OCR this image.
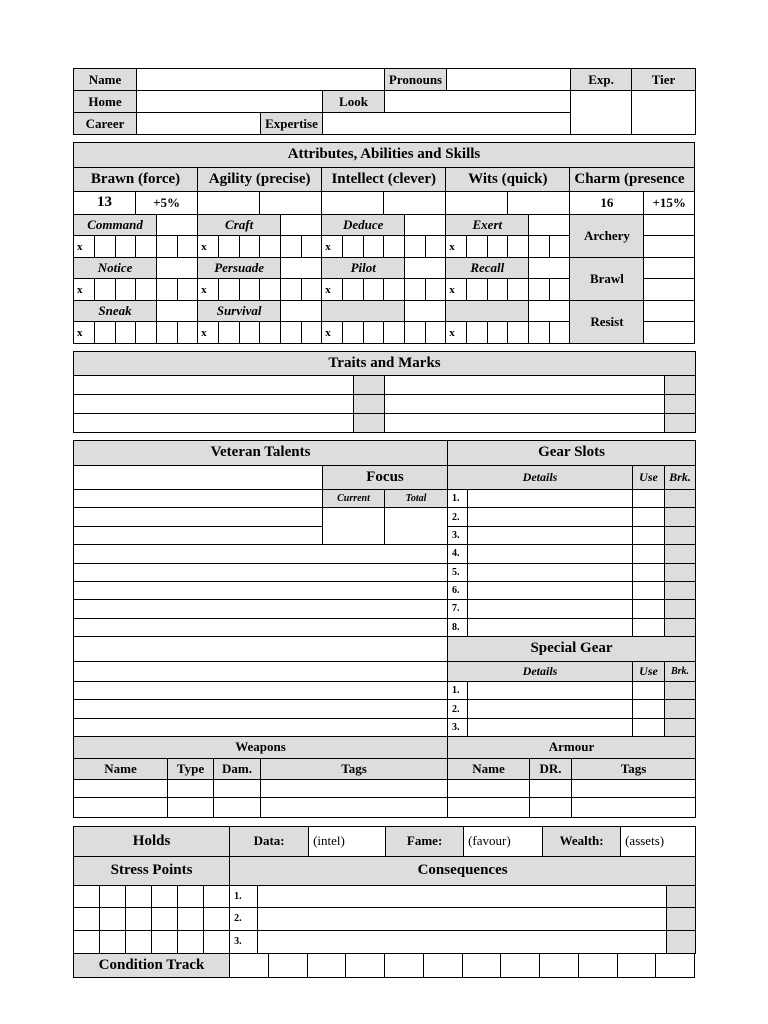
Name				Pronouns		Exp.	Tier
Home			Look				
Career		Expertise					
Attributes, Abilities and Skills																									
Brawn (force)						Agility (precise)						Intellect (clever)						Wits (quick)						Charm (presence	
13			+5%																					16	+15%
Command						Craft						Deduce						Exert						Archery	
x						x						x						x							
Notice						Persuade						Pilot						Recall						Brawl	
x						x						x						x							
Sneak						Survival																		Resist	
x						x						x						x							
Traits and Marks			

Veteran Talents						Gear Slots					
				Focus		Details				Use	Brk.
				Current	Total	1.					
						2.					
						3.					
						4.					
						5.					
						6.					
						7.					
						8.					
						Special Gear					
						Details				Use	Brk.
						1.					
						2.					
						3.					
Weapons						Armour					
Name	Type	Dam.	Tags			Name		DR.	Tags		

Holds						Data:		(intel)	Fame:	(favour)	Wealth:	(assets)	
Stress Points						Consequences							
						1.							
						2.							
						3.							
Condition Track												
